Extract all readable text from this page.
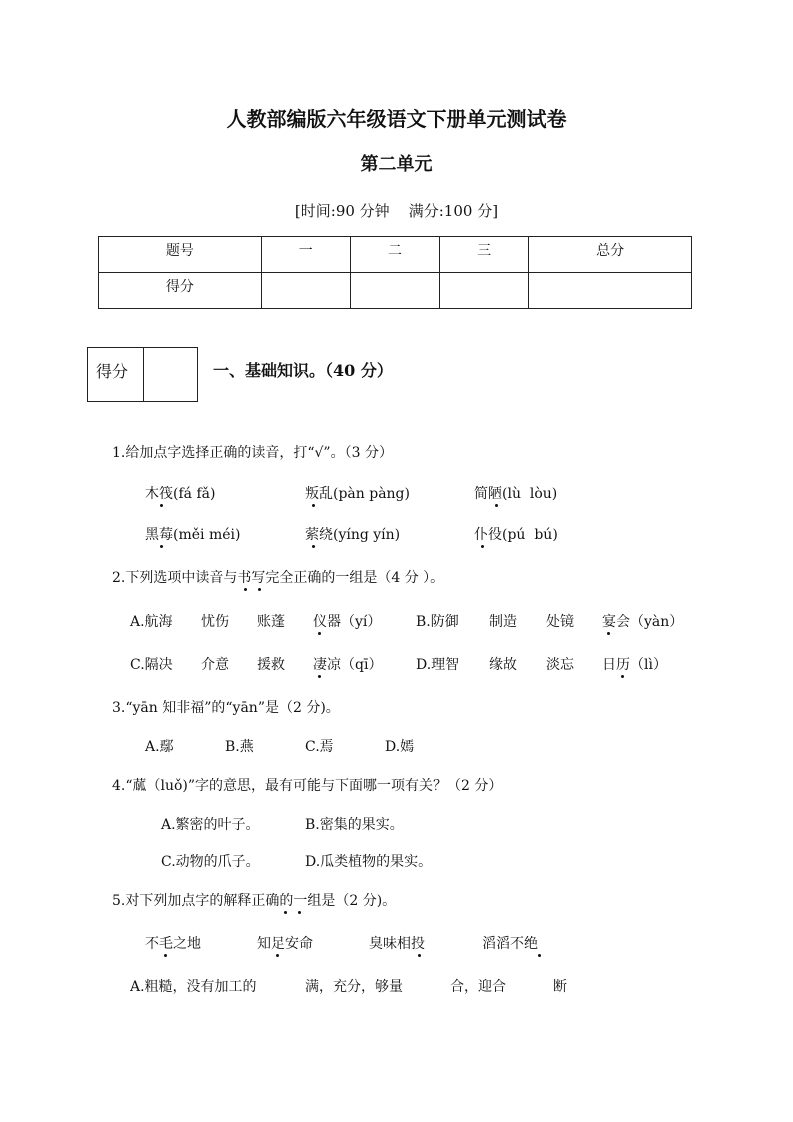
人教部编版六年级语文下册单元测试卷
第二单元
[时间:90 分钟    满分:100 分]
题号	一	二	三	总分
得分				
得分	一、基础知识。（40 分）
1.给加点字选择正确的读音，打“√”。（3 分）
木筏(fá fǎ)	叛乱(pàn pàng)	简陋(lù  lòu)
黑莓(měi méi)	萦绕(yíng yín)	仆役(pú  bú)
2.下列选项中读音与书写完全正确的一组是（4 分 ）。
A.航海 忧伤 账蓬 仪器（yí） B.防御 制造 处镜 宴会（yàn）
C.隔决 介意 援救 凄凉（qī） D.理智 缘故 淡忘 日历（lì）
3.“yān 知非福”的“yān”是（2 分)。
A.鄢	B.燕	C.焉	D.嫣
4.“蓏（luǒ)”字的意思，最有可能与下面哪一项有关？（2 分）
A.繁密的叶子。	B.密集的果实。
C.动物的爪子。	D.瓜类植物的果实。
5.对下列加点字的解释正确的一组是（2 分)。
不毛之地	知足安命	臭味相投	滔滔不绝
A.粗糙，没有加工的	满，充分，够量	合，迎合	断
